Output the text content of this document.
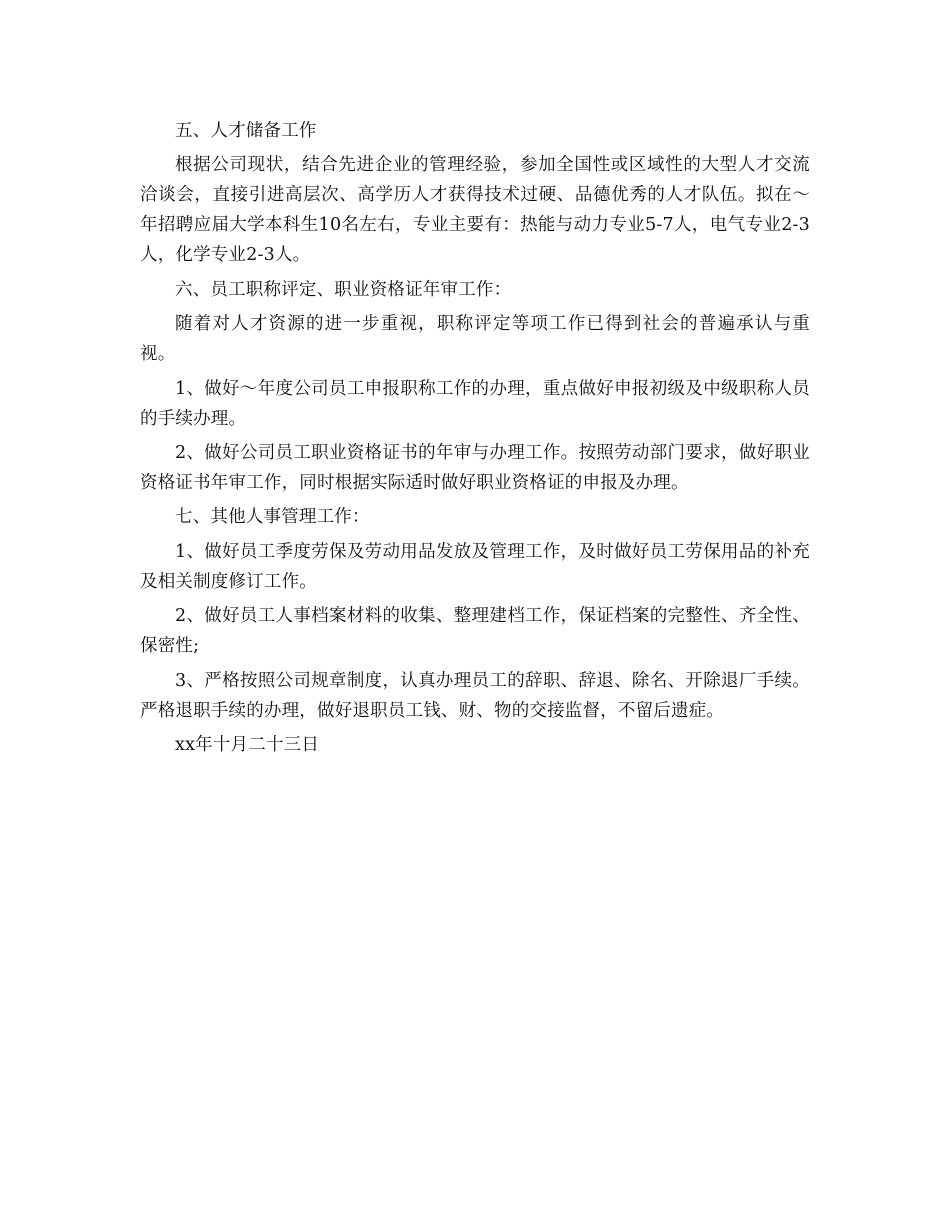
五、人才储备工作

根据公司现状，结合先进企业的管理经验，参加全国性或区域性的大型人才交流洽谈会，直接引进高层次、高学历人才获得技术过硬、品德优秀的人才队伍。拟在～年招聘应届大学本科生10名左右，专业主要有：热能与动力专业5-7人，电气专业2-3人，化学专业2-3人。

六、员工职称评定、职业资格证年审工作：

随着对人才资源的进一步重视，职称评定等项工作已得到社会的普遍承认与重视。

1、做好～年度公司员工申报职称工作的办理，重点做好申报初级及中级职称人员的手续办理。

2、做好公司员工职业资格证书的年审与办理工作。按照劳动部门要求，做好职业资格证书年审工作，同时根据实际适时做好职业资格证的申报及办理。

七、其他人事管理工作：

1、做好员工季度劳保及劳动用品发放及管理工作，及时做好员工劳保用品的补充及相关制度修订工作。

2、做好员工人事档案材料的收集、整理建档工作，保证档案的完整性、齐全性、保密性;

3、严格按照公司规章制度，认真办理员工的辞职、辞退、除名、开除退厂手续。严格退职手续的办理，做好退职员工钱、财、物的交接监督，不留后遗症。

xx年十月二十三日
